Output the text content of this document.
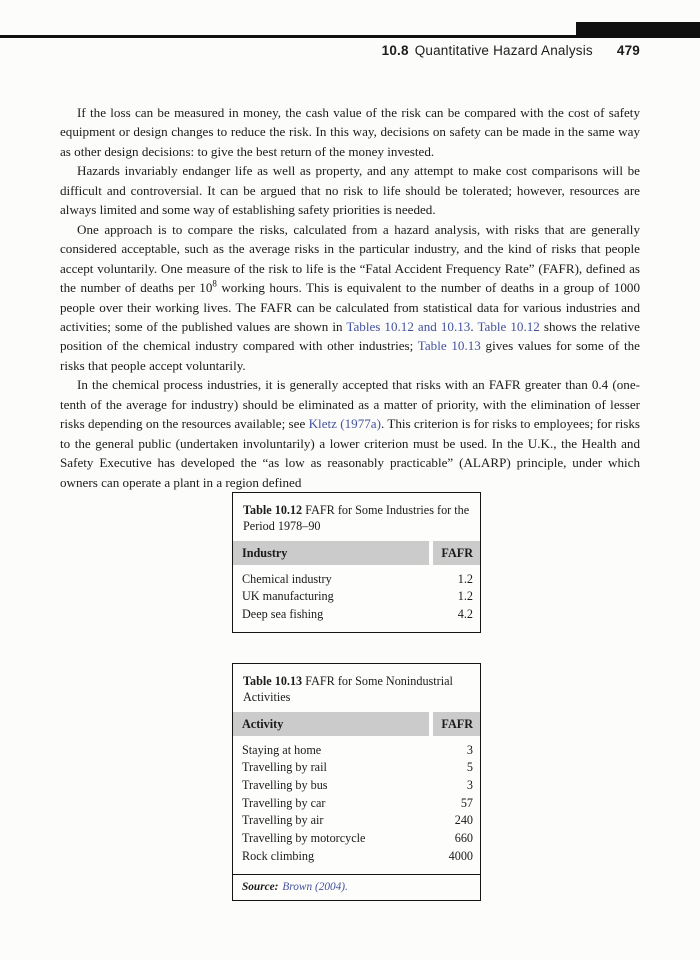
10.8 Quantitative Hazard Analysis 479

If the loss can be measured in money, the cash value of the risk can be compared with the cost of safety equipment or design changes to reduce the risk. In this way, decisions on safety can be made in the same way as other design decisions: to give the best return of the money invested.

Hazards invariably endanger life as well as property, and any attempt to make cost comparisons will be difficult and controversial. It can be argued that no risk to life should be tolerated; however, resources are always limited and some way of establishing safety priorities is needed.

One approach is to compare the risks, calculated from a hazard analysis, with risks that are generally considered acceptable, such as the average risks in the particular industry, and the kind of risks that people accept voluntarily. One measure of the risk to life is the “Fatal Accident Frequency Rate” (FAFR), defined as the number of deaths per $10^8$ working hours. This is equivalent to the number of deaths in a group of 1000 people over their working lives. The FAFR can be calculated from statistical data for various industries and activities; some of the published values are shown in Tables 10.12 and 10.13. Table 10.12 shows the relative position of the chemical industry compared with other industries; Table 10.13 gives values for some of the risks that people accept voluntarily.

In the chemical process industries, it is generally accepted that risks with an FAFR greater than 0.4 (one-tenth of the average for industry) should be eliminated as a matter of priority, with the elimination of lesser risks depending on the resources available; see Kletz (1977a). This criterion is for risks to employees; for risks to the general public (undertaken involuntarily) a lower criterion must be used. In the U.K., the Health and Safety Executive has developed the “as low as reasonably practicable” (ALARP) principle, under which owners can operate a plant in a region defined

Table 10.12 FAFR for Some Industries for the Period 1978–90
Industry	FAFR
Chemical industry	1.2
UK manufacturing	1.2
Deep sea fishing	4.2
Table 10.13 FAFR for Some Nonindustrial Activities
Activity	FAFR
Staying at home	3
Travelling by rail	5
Travelling by bus	3
Travelling by car	57
Travelling by air	240
Travelling by motorcycle	660
Rock climbing	4000
Source: Brown (2004).
